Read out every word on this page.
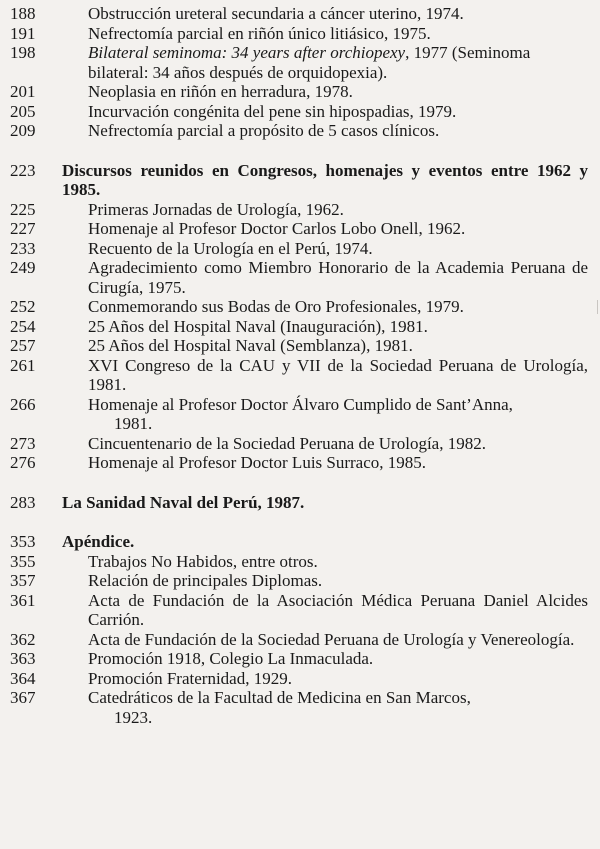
188	Obstrucción ureteral secundaria a cáncer uterino, 1974.
191	Nefrectomía parcial en riñón único litiásico, 1975.
198	Bilateral seminoma: 34 years after orchiopexy, 1977 (Seminoma
bilateral: 34 años después de orquidopexia).
201	Neoplasia en riñón en herradura, 1978.
205	Incurvación congénita del pene sin hipospadias, 1979.
209	Nefrectomía parcial a propósito de 5 casos clínicos.
223	Discursos reunidos en Congresos, homenajes y eventos entre 1962 y 1985.
225	Primeras Jornadas de Urología, 1962.
227	Homenaje al Profesor Doctor Carlos Lobo Onell, 1962.
233	Recuento de la Urología en el Perú, 1974.
249	Agradecimiento como Miembro Honorario de la Academia Peruana de Cirugía, 1975.
252	Conmemorando sus Bodas de Oro Profesionales, 1979.
254	25 Años del Hospital Naval (Inauguración), 1981.
257	25 Años del Hospital Naval (Semblanza), 1981.
261	XVI Congreso de la CAU y VII de la Sociedad Peruana de Urología, 1981.
266	Homenaje al Profesor Doctor Álvaro Cumplido de Sant’Anna,
1981.
273	Cincuentenario de la Sociedad Peruana de Urología, 1982.
276	Homenaje al Profesor Doctor Luis Surraco, 1985.
283	La Sanidad Naval del Perú, 1987.
353	Apéndice.
355	Trabajos No Habidos, entre otros.
357	Relación de principales Diplomas.
361	Acta de Fundación de la Asociación Médica Peruana Daniel Alcides Carrión.
362	Acta de Fundación de la Sociedad Peruana de Urología y Venereología.
363	Promoción 1918, Colegio La Inmaculada.
364	Promoción Fraternidad, 1929.
367	Catedráticos de la Facultad de Medicina en San Marcos,
1923.
